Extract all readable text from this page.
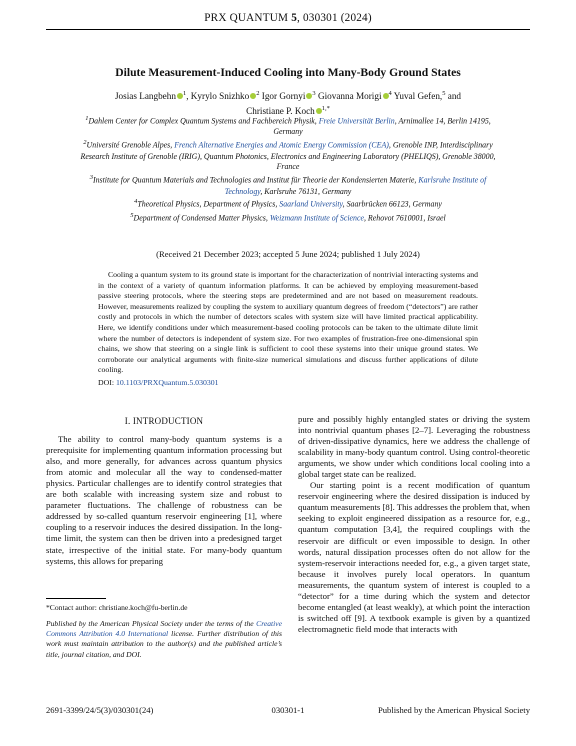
PRX QUANTUM 5, 030301 (2024)
Dilute Measurement-Induced Cooling into Many-Body Ground States
Josias Langbehn $^1$, Kyrylo Snizhko $^2$ Igor Gornyi $^3$ Giovanna Morigi $^4$ Yuval Gefen,$^5$ and
Christiane P. Koch $^{1,*}$

$^1$Dahlem Center for Complex Quantum Systems and Fachbereich Physik, Freie Universität Berlin, Arnimallee 14, Berlin 14195, Germany

$^2$Université Grenoble Alpes, French Alternative Energies and Atomic Energy Commission (CEA), Grenoble INP, Interdisciplinary Research Institute of Grenoble (IRIG), Quantum Photonics, Electronics and Engineering Laboratory (PHELIQS), Grenoble 38000, France

$^3$Institute for Quantum Materials and Technologies and Institut für Theorie der Kondensierten Materie, Karlsruhe Institute of Technology, Karlsruhe 76131, Germany

$^4$Theoretical Physics, Department of Physics, Saarland University, Saarbrücken 66123, Germany

$^5$Department of Condensed Matter Physics, Weizmann Institute of Science, Rehovot 7610001, Israel

(Received 21 December 2023; accepted 5 June 2024; published 1 July 2024)
Cooling a quantum system to its ground state is important for the characterization of nontrivial interacting systems and in the context of a variety of quantum information platforms. It can be achieved by employing measurement-based passive steering protocols, where the steering steps are predetermined and are not based on measurement readouts. However, measurements realized by coupling the system to auxiliary quantum degrees of freedom (“detectors”) are rather costly and protocols in which the number of detectors scales with system size will have limited practical applicability. Here, we identify conditions under which measurement-based cooling protocols can be taken to the ultimate dilute limit where the number of detectors is independent of system size. For two examples of frustration-free one-dimensional spin chains, we show that steering on a single link is sufficient to cool these systems into their unique ground states. We corroborate our analytical arguments with finite-size numerical simulations and discuss further applications of dilute cooling.
DOI: 10.1103/PRXQuantum.5.030301
I. INTRODUCTION

The ability to control many-body quantum systems is a prerequisite for implementing quantum information processing but also, and more generally, for advances across quantum physics from atomic and molecular all the way to condensed-matter physics. Particular challenges are to identify control strategies that are both scalable with increasing system size and robust to parameter fluctuations. The challenge of robustness can be addressed by so-called quantum reservoir engineering [1], where coupling to a reservoir induces the desired dissipation. In the long-time limit, the system can then be driven into a predesigned target state, irrespective of the initial state. For many-body quantum systems, this allows for preparing

pure and possibly highly entangled states or driving the system into nontrivial quantum phases [2–7]. Leveraging the robustness of driven-dissipative dynamics, here we address the challenge of scalability in many-body quantum control. Using control-theoretic arguments, we show under which conditions local cooling into a global target state can be realized.

Our starting point is a recent modification of quantum reservoir engineering where the desired dissipation is induced by quantum measurements [8]. This addresses the problem that, when seeking to exploit engineered dissipation as a resource for, e.g., quantum computation [3,4], the required couplings with the reservoir are difficult or even impossible to design. In other words, natural dissipation processes often do not allow for the system-reservoir interactions needed for, e.g., a given target state, because it involves purely local operators. In quantum measurements, the quantum system of interest is coupled to a “detector” for a time during which the system and detector become entangled (at least weakly), at which point the interaction is switched off [9]. A textbook example is given by a quantized electromagnetic field mode that interacts with

*Contact author: christiane.koch@fu-berlin.de
Published by the American Physical Society under the terms of the Creative Commons Attribution 4.0 International license. Further distribution of this work must maintain attribution to the author(s) and the published article’s title, journal citation, and DOI.
2691-3399/24/5(3)/030301(24)	030301-1	Published by the American Physical Society
